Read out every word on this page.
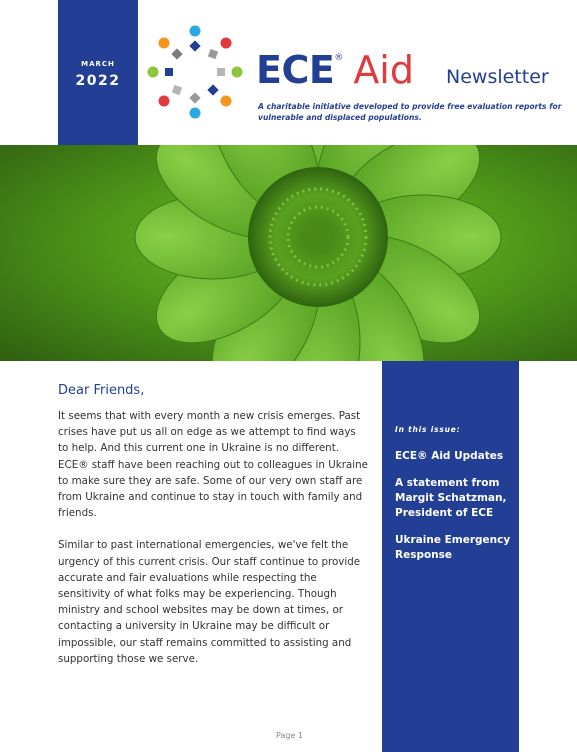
MARCH
2022	ECE® Aid Newsletter
A charitable initiative developed to provide free evaluation reports for vulnerable and displaced populations.
Dear Friends,

It seems that with every month a new crisis emerges. Past crises have put us all on edge as we attempt to find ways to help. And this current one in Ukraine is no different. ECE® staff have been reaching out to colleagues in Ukraine to make sure they are safe. Some of our very own staff are from Ukraine and continue to stay in touch with family and friends.

Similar to past international emergencies, we've felt the urgency of this current crisis. Our staff continue to provide accurate and fair evaluations while respecting the sensitivity of what folks may be experiencing. Though ministry and school websites may be down at times, or contacting a university in Ukraine may be difficult or impossible, our staff remains committed to assisting and supporting those we serve.

In this issue:
ECE® Aid Updates
A statement from Margit Schatzman, President of ECE
Ukraine Emergency Response
Page 1
